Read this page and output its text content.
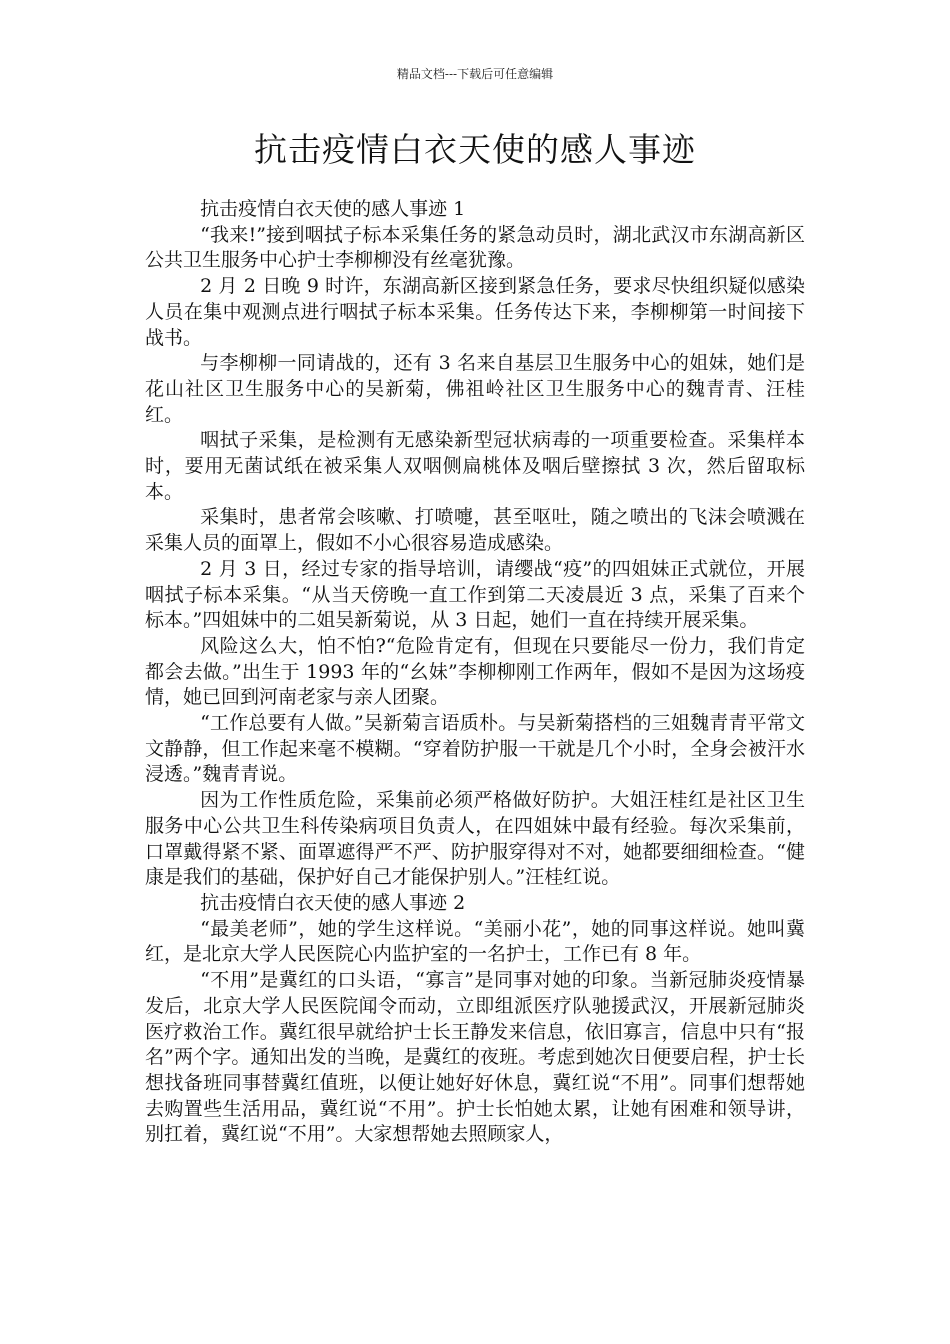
精品文档---下载后可任意编辑
抗击疫情白衣天使的感人事迹

抗击疫情白衣天使的感人事迹 1

“我来!”接到咽拭子标本采集任务的紧急动员时，湖北武汉市东湖高新区公共卫生服务中心护士李柳柳没有丝毫犹豫。

2 月 2 日晚 9 时许，东湖高新区接到紧急任务，要求尽快组织疑似感染人员在集中观测点进行咽拭子标本采集。任务传达下来，李柳柳第一时间接下战书。

与李柳柳一同请战的，还有 3 名来自基层卫生服务中心的姐妹，她们是花山社区卫生服务中心的吴新菊，佛祖岭社区卫生服务中心的魏青青、汪桂红。

咽拭子采集，是检测有无感染新型冠状病毒的一项重要检查。采集样本时，要用无菌试纸在被采集人双咽侧扁桃体及咽后壁擦拭 3 次，然后留取标本。

采集时，患者常会咳嗽、打喷嚏，甚至呕吐，随之喷出的飞沫会喷溅在采集人员的面罩上，假如不小心很容易造成感染。

2 月 3 日，经过专家的指导培训，请缨战“疫”的四姐妹正式就位，开展咽拭子标本采集。“从当天傍晚一直工作到第二天凌晨近 3 点，采集了百来个标本。”四姐妹中的二姐吴新菊说，从 3 日起，她们一直在持续开展采集。

风险这么大，怕不怕?“危险肯定有，但现在只要能尽一份力，我们肯定都会去做。”出生于 1993 年的“幺妹”李柳柳刚工作两年，假如不是因为这场疫情，她已回到河南老家与亲人团聚。

“工作总要有人做。”吴新菊言语质朴。与吴新菊搭档的三姐魏青青平常文文静静，但工作起来毫不模糊。“穿着防护服一干就是几个小时，全身会被汗水浸透。”魏青青说。

因为工作性质危险，采集前必须严格做好防护。大姐汪桂红是社区卫生服务中心公共卫生科传染病项目负责人，在四姐妹中最有经验。每次采集前，口罩戴得紧不紧、面罩遮得严不严、防护服穿得对不对，她都要细细检查。“健康是我们的基础，保护好自己才能保护别人。”汪桂红说。

抗击疫情白衣天使的感人事迹 2

“最美老师”，她的学生这样说。“美丽小花”，她的同事这样说。她叫冀红，是北京大学人民医院心内监护室的一名护士，工作已有 8 年。

“不用”是冀红的口头语，“寡言”是同事对她的印象。当新冠肺炎疫情暴发后，北京大学人民医院闻令而动，立即组派医疗队驰援武汉，开展新冠肺炎医疗救治工作。冀红很早就给护士长王静发来信息，依旧寡言，信息中只有“报名”两个字。通知出发的当晚，是冀红的夜班。考虑到她次日便要启程，护士长想找备班同事替冀红值班，以便让她好好休息，冀红说“不用”。同事们想帮她去购置些生活用品，冀红说“不用”。护士长怕她太累，让她有困难和领导讲，别扛着，冀红说“不用”。大家想帮她去照顾家人，
